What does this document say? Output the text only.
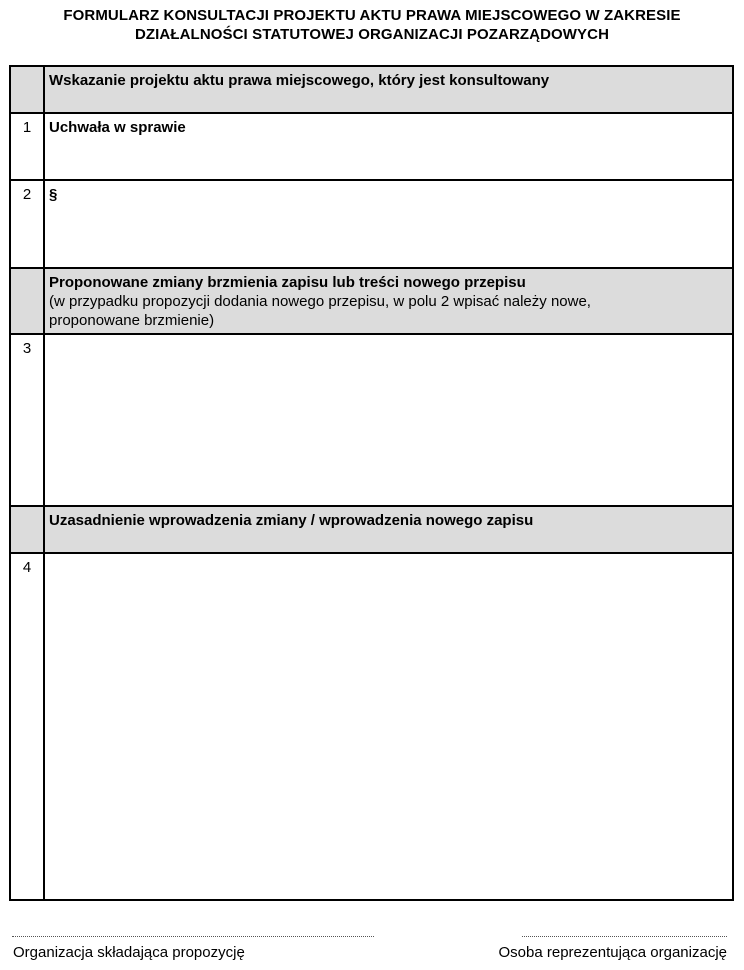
FORMULARZ KONSULTACJI PROJEKTU AKTU PRAWA MIEJSCOWEGO W ZAKRESIE
DZIAŁALNOŚCI STATUTOWEJ ORGANIZACJI POZARZĄDOWYCH
Wskazanie projektu aktu prawa miejscowego, który jest konsultowany
1	Uchwała w sprawie
2	§
Proponowane zmiany brzmienia zapisu lub treści nowego przepisu
(w przypadku propozycji dodania nowego przepisu, w polu 2 wpisać należy nowe,
proponowane brzmienie)
3
Uzasadnienie wprowadzenia zmiany / wprowadzenia nowego zapisu
4
Organizacja składająca propozycję	Osoba reprezentująca organizację
